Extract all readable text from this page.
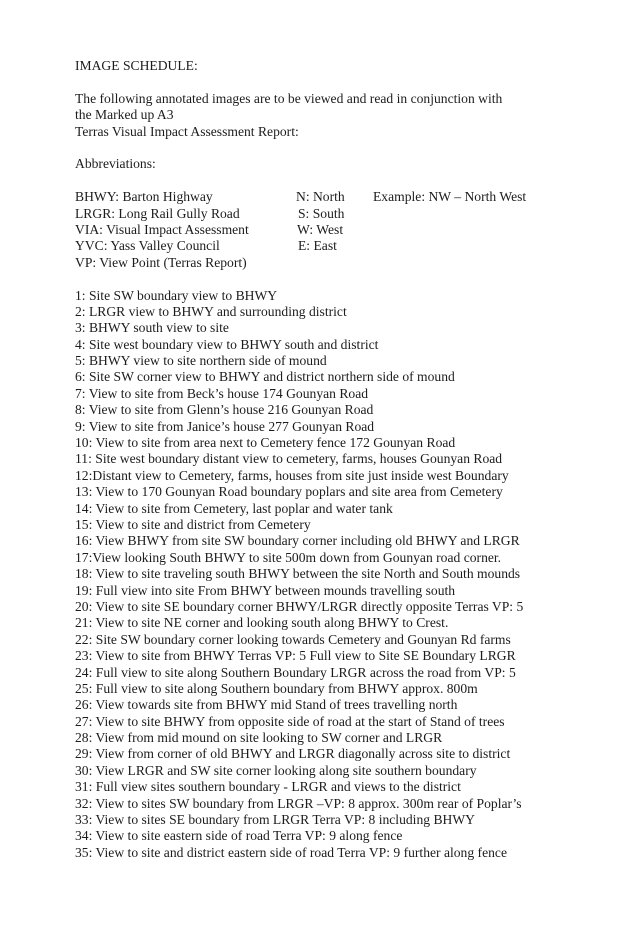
IMAGE SCHEDULE:
The following annotated images are to be viewed and read in conjunction with
the Marked up A3
Terras Visual Impact Assessment Report:
Abbreviations:
BHWY: Barton Highway
LRGR: Long Rail Gully Road
VIA: Visual Impact Assessment
YVC: Yass Valley Council
VP: View Point (Terras Report)
N: North
S: South
W: West
E: East
Example: NW – North West
1: Site SW boundary view to BHWY
2: LRGR view to BHWY and surrounding district
3: BHWY south view to site
4: Site west boundary view to BHWY south and district
5: BHWY view to site northern side of mound
6: Site SW corner view to BHWY and district northern side of mound
7: View to site from Beck’s house 174 Gounyan Road
8: View to site from Glenn’s house 216 Gounyan Road
9: View to site from Janice’s house 277 Gounyan Road
10: View to site from area next to Cemetery fence 172 Gounyan Road
11: Site west boundary distant view to cemetery, farms, houses Gounyan Road
12:Distant view to Cemetery, farms, houses from site just inside west Boundary
13: View to 170 Gounyan Road boundary poplars and site area from Cemetery
14: View to site from Cemetery, last poplar and water tank
15: View to site and district from Cemetery
16: View BHWY from site SW boundary corner including old BHWY and LRGR
17:View looking South BHWY to site 500m down from Gounyan road corner.
18: View to site traveling south BHWY between the site North and South mounds
19: Full view into site From BHWY between mounds travelling south
20: View to site SE boundary corner BHWY/LRGR directly opposite Terras VP: 5
21: View to site NE corner and looking south along BHWY to Crest.
22: Site SW boundary corner looking towards Cemetery and Gounyan Rd farms
23: View to site from BHWY Terras VP: 5 Full view to Site SE Boundary LRGR
24: Full view to site along Southern Boundary LRGR across the road from VP: 5
25: Full view to site along Southern boundary from BHWY approx. 800m
26: View towards site from BHWY mid Stand of trees travelling north
27: View to site BHWY from opposite side of road at the start of Stand of trees
28: View from mid mound on site looking to SW corner and LRGR
29: View from corner of old BHWY and LRGR diagonally across site to district
30: View LRGR and SW site corner looking along site southern boundary
31: Full view sites southern boundary - LRGR and views to the district
32: View to sites SW boundary from LRGR –VP: 8 approx. 300m rear of Poplar’s
33: View to sites SE boundary from LRGR Terra VP: 8 including BHWY
34: View to site eastern side of road Terra VP: 9 along fence
35: View to site and district eastern side of road Terra VP: 9 further along fence
